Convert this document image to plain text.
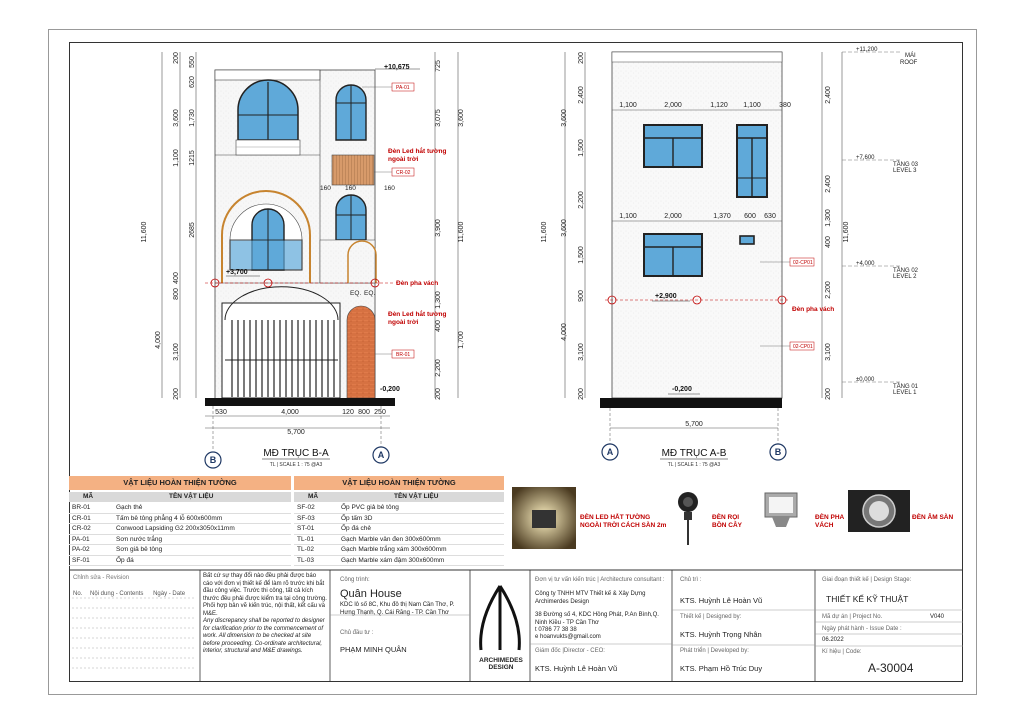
200 550
620
3,600 1,730
1,100 1215
2685
400
800
4,000
3,100
200
11,600
725
3,075 3,600
3,900 11,600
1,300
1,700
400
2,200
200
+10,675
+3,700
-0,200
PA-01
CR-02
BR-01
EQ. EQ.
160 160	160
530	4,000	120 800 250
5,700
B	A
MĐ TRỤC B-A
TL | SCALE 1 : 75 @A3
Đèn Led hắt tường ngoài trời
Đèn pha vách
Đèn Led hắt tường ngoài trời
200
2,400
3,600
1,500
2,200
11,600 3,600
1,500
900
4,000
3,100
200
2,400
2,400
1,300
400 11,600
2,200
3,100
200
+11,200
MÁI
ROOF
+7,600
TẦNG 03
LEVEL 3
+4,000
TẦNG 02
LEVEL 2
±0,000
TẦNG 01
LEVEL 1
1,100	2,000	1,120 1,100	380
1,100	2,000	1,370 600 630
02-CP01
02-CP01
+2,900
-0,200
5,700
A	B
MĐ TRỤC A-B
TL | SCALE 1 : 75 @A3
Đèn pha vách
VẬT LIỆU HOÀN THIỆN TƯỜNG
MÃ	TÊN VẬT LIỆU
BR-01	Gạch thẻ
CR-01	Tấm bê tông phẳng 4 lỗ 600x600mm
CR-02	Conwood Lapsiding G2 200x3050x11mm
PA-01	Sơn nước trắng
PA-02	Sơn giả bê tông
SF-01	Ốp đá
VẬT LIỆU HOÀN THIỆN TƯỜNG
MÃ	TÊN VẬT LIỆU
SF-02	Ốp PVC giả bê tông
SF-03	Ốp tấm 3D
ST-01	Ốp đá chẻ
TL-01	Gạch Marble vân đen 300x600mm
TL-02	Gạch Marble trắng xám 300x600mm
TL-03	Gạch Marble xám đậm 300x600mm
ĐÈN LED HẮT TƯỜNG NGOÀI TRỜI CÁCH SÀN 2m
ĐÈN RỌI BỒN CÂY
ĐÈN PHA VÁCH
ĐÈN ÂM SÀN
Chỉnh sửa - Revision
No. Nội dung - Contents Ngày - Date
Bất cứ sự thay đổi nào đều phải được báo cáo với đơn vị thiết kế để làm rõ trước khi bắt đầu công việc. Trước thi công, tất cả kích thước đều phải được kiểm tra tại công trường. Phối hợp bản vẽ kiến trúc, nội thất, kết cấu và M&E.
Any discrepancy shall be reported to designer for clarification prior to the commencement of work. All dimension to be checked at site before proceeding. Co-ordinate architectural, interior, structural and M&E drawings.
Công trình:
Quân House
KDC lô số 8C, Khu đô thị Nam Cần Thơ, P. Hưng Thạnh, Q. Cái Răng - TP. Cần Thơ
Chủ đầu tư :
PHẠM MINH QUÂN
ARCHIMEDES DESIGN
Đơn vị tư vấn kiến trúc | Architecture consultant :
Công ty TNHH MTV Thiết kế & Xây Dựng Archimerdes Design
38 Đường số 4, KDC Hồng Phát, P.An Bình,Q. Ninh Kiều - TP Cần Thơ
t 0786 77 38 38
e hoanvukts@gmail.com
Giám đốc |Director - CEO:
KTS. Huỳnh Lê Hoàn Vũ
Chủ trì :
KTS. Huỳnh Lê Hoàn Vũ
Thiết kế | Designed by:
KTS. Huỳnh Trọng Nhân
Phát triển | Developed by:
KTS. Phạm Hồ Trúc Duy
Giai đoạn thiết kế | Design Stage:
THIẾT KẾ KỸ THUẬT
Mã dự án | Project No.	V040
Ngày phát hành - Issue Date :
06.2022
Kí hiệu | Code:
A-30004
